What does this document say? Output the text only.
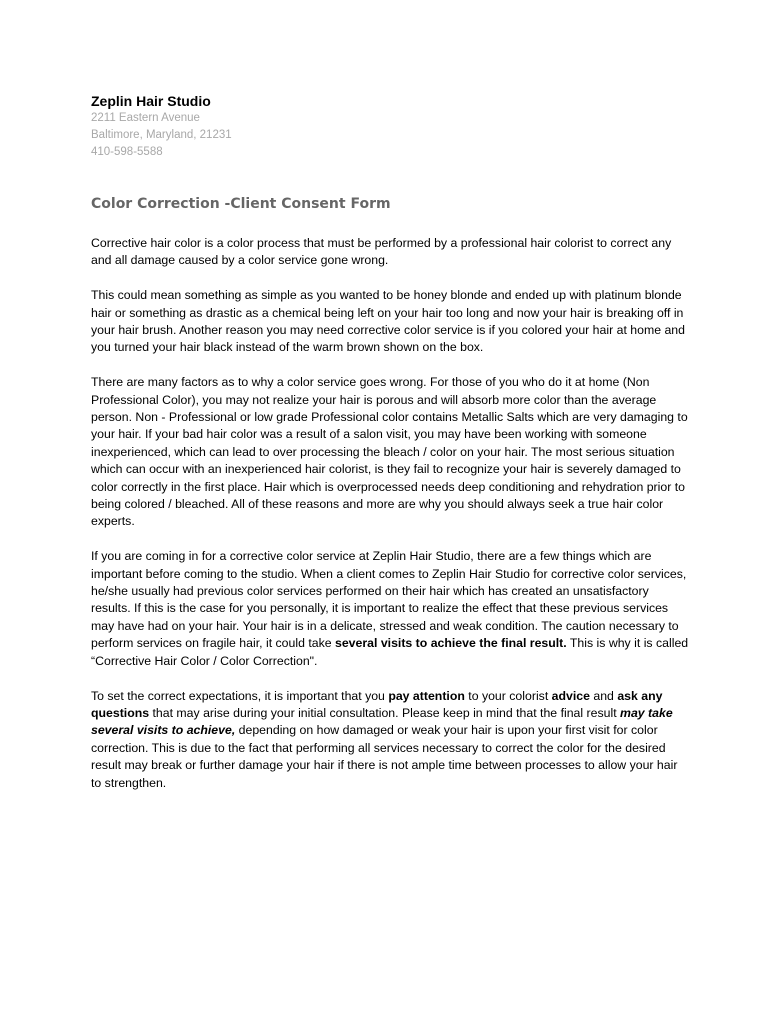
Zeplin Hair Studio

2211 Eastern Avenue

Baltimore, Maryland, 21231

410-598-5588

Color Correction -Client Consent Form

Corrective hair color is a color process that must be performed by a professional hair colorist to correct any and all damage caused by a color service gone wrong.

This could mean something as simple as you wanted to be honey blonde and ended up with platinum blonde hair or something as drastic as a chemical being left on your hair too long and now your hair is breaking off in your hair brush. Another reason you may need corrective color service is if you colored your hair at home and you turned your hair black instead of the warm brown shown on the box.

There are many factors as to why a color service goes wrong. For those of you who do it at home (Non Professional Color), you may not realize your hair is porous and will absorb more color than the average person. Non - Professional or low grade Professional color contains Metallic Salts which are very damaging to your hair. If your bad hair color was a result of a salon visit, you may have been working with someone inexperienced, which can lead to over processing the bleach / color on your hair. The most serious situation which can occur with an inexperienced hair colorist, is they fail to recognize your hair is severely damaged to color correctly in the first place. Hair which is overprocessed needs deep conditioning and rehydration prior to being colored / bleached. All of these reasons and more are why you should always seek a true hair color experts.

If you are coming in for a corrective color service at Zeplin Hair Studio, there are a few things which are important before coming to the studio. When a client comes to Zeplin Hair Studio for corrective color services, he/she usually had previous color services performed on their hair which has created an unsatisfactory results. If this is the case for you personally, it is important to realize the effect that these previous services may have had on your hair. Your hair is in a delicate, stressed and weak condition. The caution necessary to perform services on fragile hair, it could take several visits to achieve the final result. This is why it is called “Corrective Hair Color / Color Correction".

To set the correct expectations, it is important that you pay attention to your colorist advice and ask any questions that may arise during your initial consultation. Please keep in mind that the final result may take several visits to achieve, depending on how damaged or weak your hair is upon your first visit for color correction. This is due to the fact that performing all services necessary to correct the color for the desired result may break or further damage your hair if there is not ample time between processes to allow your hair to strengthen.
